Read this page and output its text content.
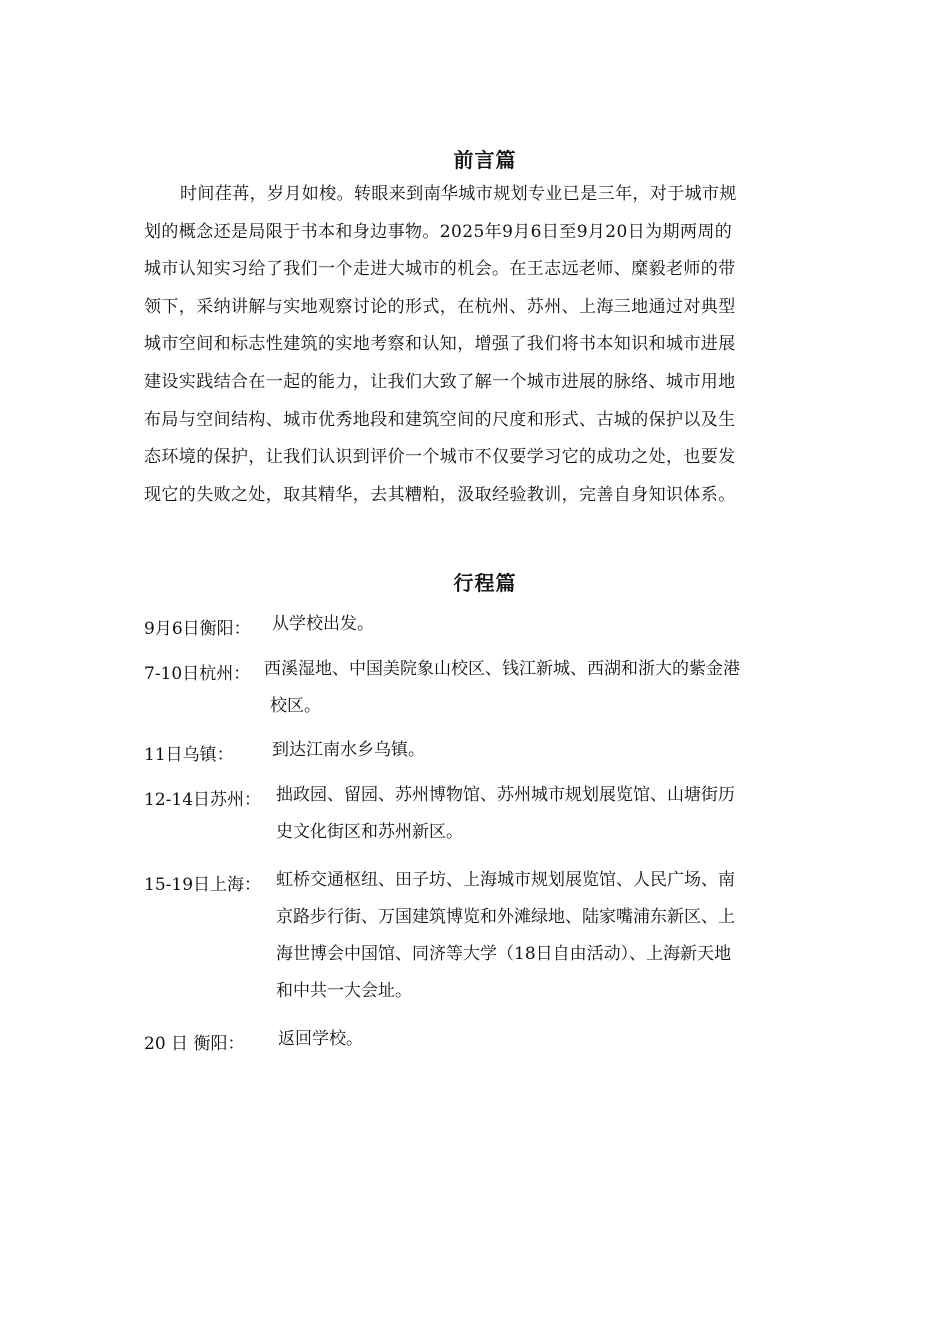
前言篇
时间荏苒，岁月如梭。转眼来到南华城市规划专业已是三年，对于城市规
划的概念还是局限于书本和身边事物。2025年9月6日至9月20日为期两周的
城市认知实习给了我们一个走进大城市的机会。在王志远老师、糜毅老师的带
领下，采纳讲解与实地观察讨论的形式，在杭州、苏州、上海三地通过对典型
城市空间和标志性建筑的实地考察和认知，增强了我们将书本知识和城市进展
建设实践结合在一起的能力，让我们大致了解一个城市进展的脉络、城市用地
布局与空间结构、城市优秀地段和建筑空间的尺度和形式、古城的保护以及生
态环境的保护，让我们认识到评价一个城市不仅要学习它的成功之处，也要发
现它的失败之处，取其精华，去其糟粕，汲取经验教训，完善自身知识体系。
行程篇
9月6日衡阳： 从学校出发。
7-10日杭州： 西溪湿地、中国美院象山校区、钱江新城、西湖和浙大的紫金港
校区。
11日乌镇： 到达江南水乡乌镇。
12-14日苏州： 拙政园、留园、苏州博物馆、苏州城市规划展览馆、山塘街历
史文化街区和苏州新区。
15-19日上海： 虹桥交通枢纽、田子坊、上海城市规划展览馆、人民广场、南
京路步行街、万国建筑博览和外滩绿地、陆家嘴浦东新区、上
海世博会中国馆、同济等大学（18日自由活动）、上海新天地
和中共一大会址。
20 日 衡阳： 返回学校。
